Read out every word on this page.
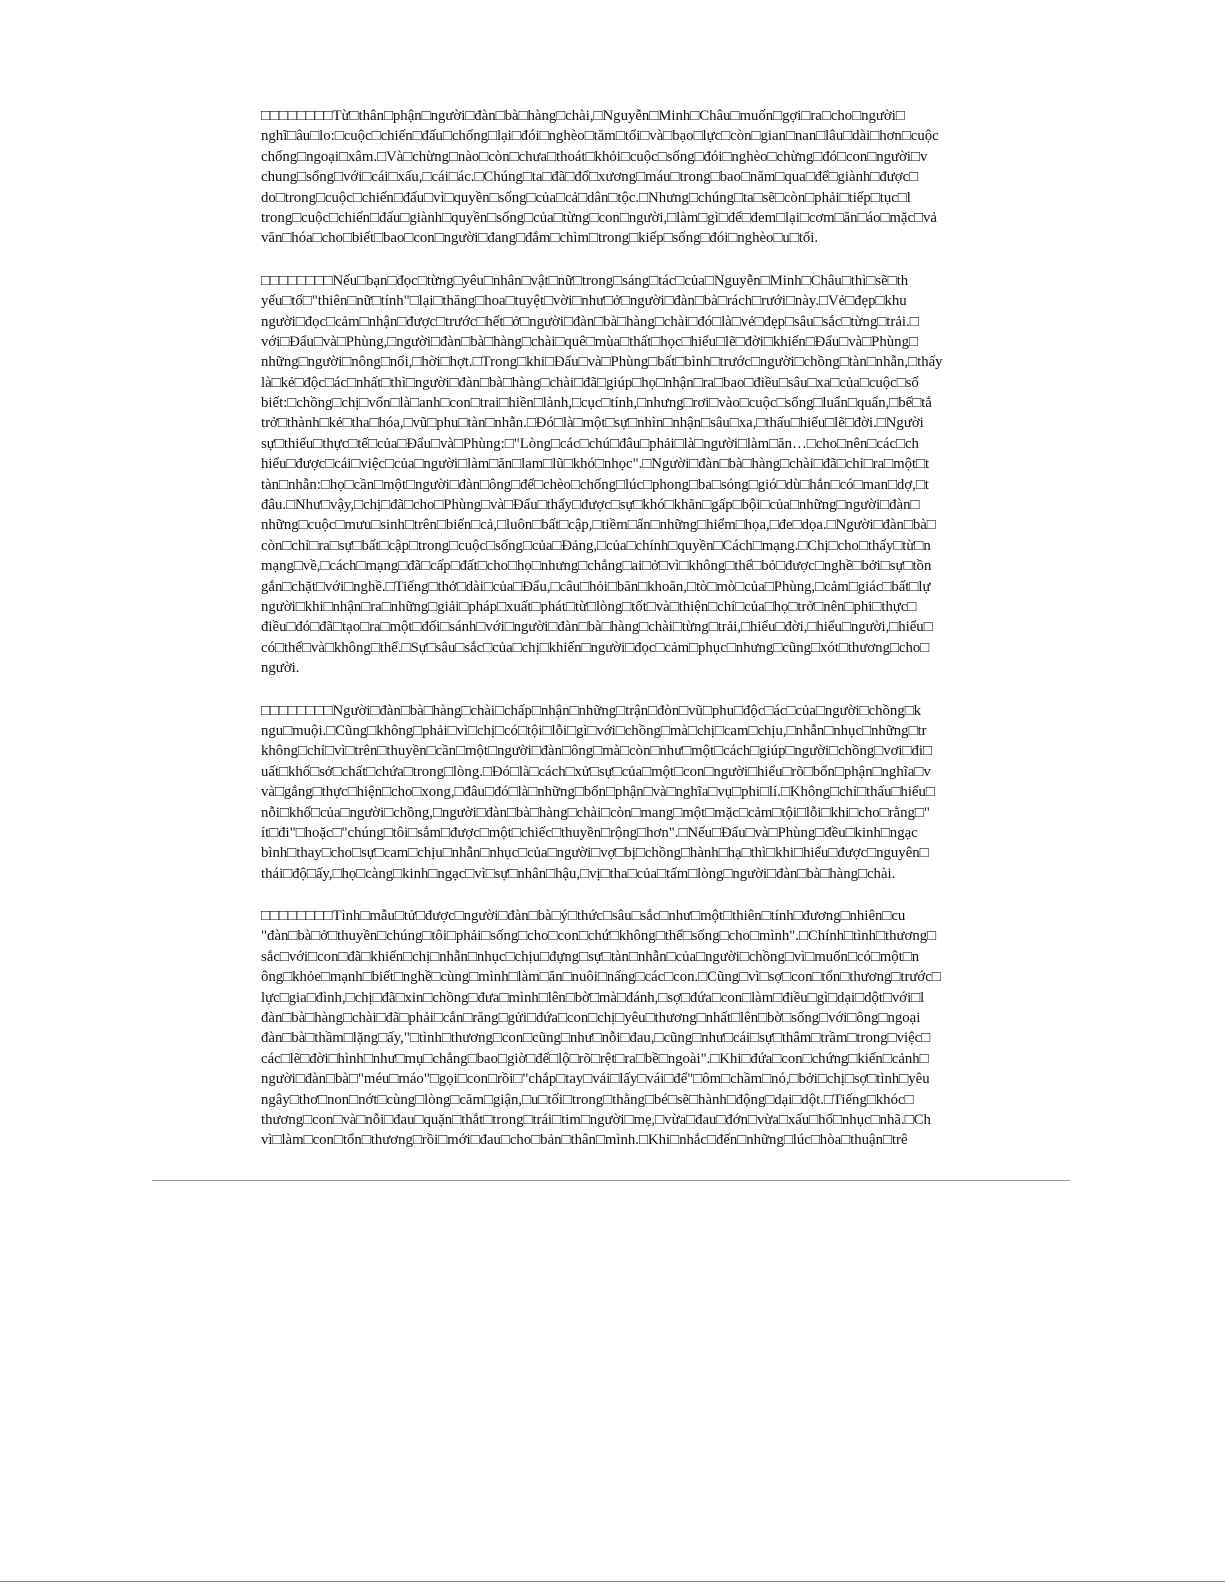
□□□□□□□□Từ□thân□phận□người□đàn□bà□hàng□chài,□Nguyễn□Minh□Châu□muốn□gợi□ra□cho□người□
nghĩ□âu□lo:□cuộc□chiến□đấu□chống□lại□đói□nghèo□tăm□tối□và□bạo□lực□còn□gian□nan□lâu□dài□hơn□cuộc
chống□ngoại□xâm.□Và□chừng□nào□còn□chưa□thoát□khỏi□cuộc□sống□đói□nghèo□chừng□đó□con□người□v
chung□sống□với□cái□xấu,□cái□ác.□Chúng□ta□đã□đổ□xương□máu□trong□bao□năm□qua□để□giành□được□
do□trong□cuộc□chiến□đấu□vì□quyền□sống□của□cả□dân□tộc.□Nhưng□chúng□ta□sẽ□còn□phải□tiếp□tục□l
trong□cuộc□chiến□đấu□giành□quyền□sống□của□từng□con□người,□làm□gì□để□đem□lại□cơm□ăn□áo□mặc□vả
văn□hóa□cho□biết□bao□con□người□đang□đắm□chìm□trong□kiếp□sống□đói□nghèo□u□tối.
□□□□□□□□Nếu□bạn□đọc□từng□yêu□nhân□vật□nữ□trong□sáng□tác□của□Nguyễn□Minh□Châu□thì□sẽ□th
yếu□tố□"thiên□nữ□tính"□lại□thăng□hoa□tuyệt□vời□như□ở□người□đàn□bà□rách□rưới□này.□Vẻ□đẹp□khu
người□đọc□cảm□nhận□được□trước□hết□ở□người□đàn□bà□hàng□chài□đó□là□vẻ□đẹp□sâu□sắc□từng□trải.□
với□Đẩu□và□Phùng,□người□đàn□bà□hàng□chài□quê□mùa□thất□học□hiểu□lẽ□đời□khiến□Đẩu□và□Phùng□
những□người□nông□nổi,□hời□hợt.□Trong□khi□Đẩu□và□Phùng□bất□bình□trước□người□chồng□tàn□nhẫn,□thấy
là□kẻ□độc□ác□nhất□thì□người□đàn□bà□hàng□chài□đã□giúp□họ□nhận□ra□bao□điều□sâu□xa□của□cuộc□số
biết:□chồng□chị□vốn□là□anh□con□trai□hiền□lành,□cục□tính,□nhưng□rơi□vào□cuộc□sống□luẩn□quẩn,□bế□tắ
trở□thành□kẻ□tha□hóa,□vũ□phu□tàn□nhẫn.□Đó□là□một□sự□nhìn□nhận□sâu□xa,□thấu□hiểu□lẽ□đời.□Người
sự□thiếu□thực□tế□của□Đẩu□và□Phùng:□"Lòng□các□chú□đâu□phải□là□người□làm□ăn…□cho□nên□các□ch
hiểu□được□cái□việc□của□người□làm□ăn□lam□lũ□khó□nhọc".□Người□đàn□bà□hàng□chài□đã□chỉ□ra□một□t
tàn□nhẫn:□họ□cần□một□người□đàn□ông□để□chèo□chống□lúc□phong□ba□sóng□gió□dù□hắn□có□man□dợ,□t
đâu.□Như□vậy,□chị□đã□cho□Phùng□và□Đẩu□thấy□được□sự□khó□khăn□gấp□bội□của□những□người□đàn□
những□cuộc□mưu□sinh□trên□biển□cả,□luôn□bất□cập,□tiềm□ẩn□những□hiểm□họa,□đe□dọa.□Người□đàn□bà□
còn□chỉ□ra□sự□bất□cập□trong□cuộc□sống□của□Đảng,□của□chính□quyền□Cách□mạng.□Chị□cho□thấy□từ□n
mạng□về,□cách□mạng□đã□cấp□đất□cho□họ□nhưng□chẳng□ai□ở□vì□không□thể□bỏ□được□nghề□bởi□sự□tồn
gắn□chặt□với□nghề.□Tiếng□thở□dài□của□Đẩu,□câu□hỏi□băn□khoăn,□tò□mò□của□Phùng,□cảm□giác□bất□lự
người□khi□nhận□ra□những□giải□pháp□xuất□phát□từ□lòng□tốt□và□thiện□chí□của□họ□trở□nên□phi□thực□
điều□đó□đã□tạo□ra□một□đối□sánh□với□người□đàn□bà□hàng□chài□từng□trải,□hiểu□đời,□hiểu□người,□hiểu□
có□thể□và□không□thể.□Sự□sâu□sắc□của□chị□khiến□người□đọc□cảm□phục□nhưng□cũng□xót□thương□cho□
người.
□□□□□□□□Người□đàn□bà□hàng□chài□chấp□nhận□những□trận□đòn□vũ□phu□độc□ác□của□người□chồng□k
ngu□muội.□Cũng□không□phải□vì□chị□có□tội□lỗi□gì□với□chồng□mà□chị□cam□chịu,□nhẫn□nhục□những□tr
không□chỉ□vì□trên□thuyền□cần□một□người□đàn□ông□mà□còn□như□một□cách□giúp□người□chồng□vơi□đi□
uất□khổ□sở□chất□chứa□trong□lòng.□Đó□là□cách□xử□sự□của□một□con□người□hiểu□rõ□bổn□phận□nghĩa□v
và□gắng□thực□hiện□cho□xong,□đâu□đó□là□những□bổn□phận□và□nghĩa□vụ□phi□lí.□Không□chỉ□thấu□hiểu□
nỗi□khổ□của□người□chồng,□người□đàn□bà□hàng□chài□còn□mang□một□mặc□cảm□tội□lỗi□khi□cho□rằng□"
ít□đi"□hoặc□"chúng□tôi□sắm□được□một□chiếc□thuyền□rộng□hơn".□Nếu□Đẩu□và□Phùng□đều□kinh□ngạc
bình□thay□cho□sự□cam□chịu□nhẫn□nhục□của□người□vợ□bị□chồng□hành□hạ□thì□khi□hiểu□được□nguyên□
thái□độ□ấy,□họ□càng□kinh□ngạc□vì□sự□nhân□hậu,□vị□tha□của□tấm□lòng□người□đàn□bà□hàng□chài.
□□□□□□□□Tình□mẫu□tử□được□người□đàn□bà□ý□thức□sâu□sắc□như□một□thiên□tính□đương□nhiên□cu
"đàn□bà□ở□thuyền□chúng□tôi□phải□sống□cho□con□chứ□không□thể□sống□cho□mình".□Chính□tình□thương□
sắc□với□con□đã□khiến□chị□nhẫn□nhục□chịu□đựng□sự□tàn□nhẫn□của□người□chồng□vì□muốn□có□một□n
ông□khỏe□mạnh□biết□nghề□cùng□mình□làm□ăn□nuôi□nấng□các□con.□Cũng□vì□sợ□con□tổn□thương□trước□
lực□gia□đình,□chị□đã□xin□chồng□đưa□mình□lên□bờ□mà□đánh,□sợ□đứa□con□làm□điều□gì□dại□dột□với□l
đàn□bà□hàng□chài□đã□phải□cắn□răng□gửi□đứa□con□chị□yêu□thương□nhất□lên□bờ□sống□với□ông□ngoại
đàn□bà□thầm□lặng□ấy,"□tình□thương□con□cũng□như□nỗi□đau,□cũng□như□cái□sự□thâm□trầm□trong□việc□
các□lẽ□đời□hình□như□mụ□chẳng□bao□giờ□để□lộ□rõ□rệt□ra□bề□ngoài".□Khi□đứa□con□chứng□kiến□cảnh□
người□đàn□bà□"méu□máo"□gọi□con□rồi□"chắp□tay□vái□lấy□vái□để"□ôm□chầm□nó,□bởi□chị□sợ□tình□yêu
ngây□thơ□non□nớt□cùng□lòng□căm□giận,□u□tối□trong□thằng□bé□sẽ□hành□động□dại□dột.□Tiếng□khóc□
thương□con□và□nỗi□đau□quặn□thắt□trong□trái□tim□người□mẹ,□vừa□đau□đớn□vừa□xấu□hổ□nhục□nhã.□Ch
vì□làm□con□tổn□thương□rồi□mới□đau□cho□bản□thân□mình.□Khi□nhắc□đến□những□lúc□hòa□thuận□trê
